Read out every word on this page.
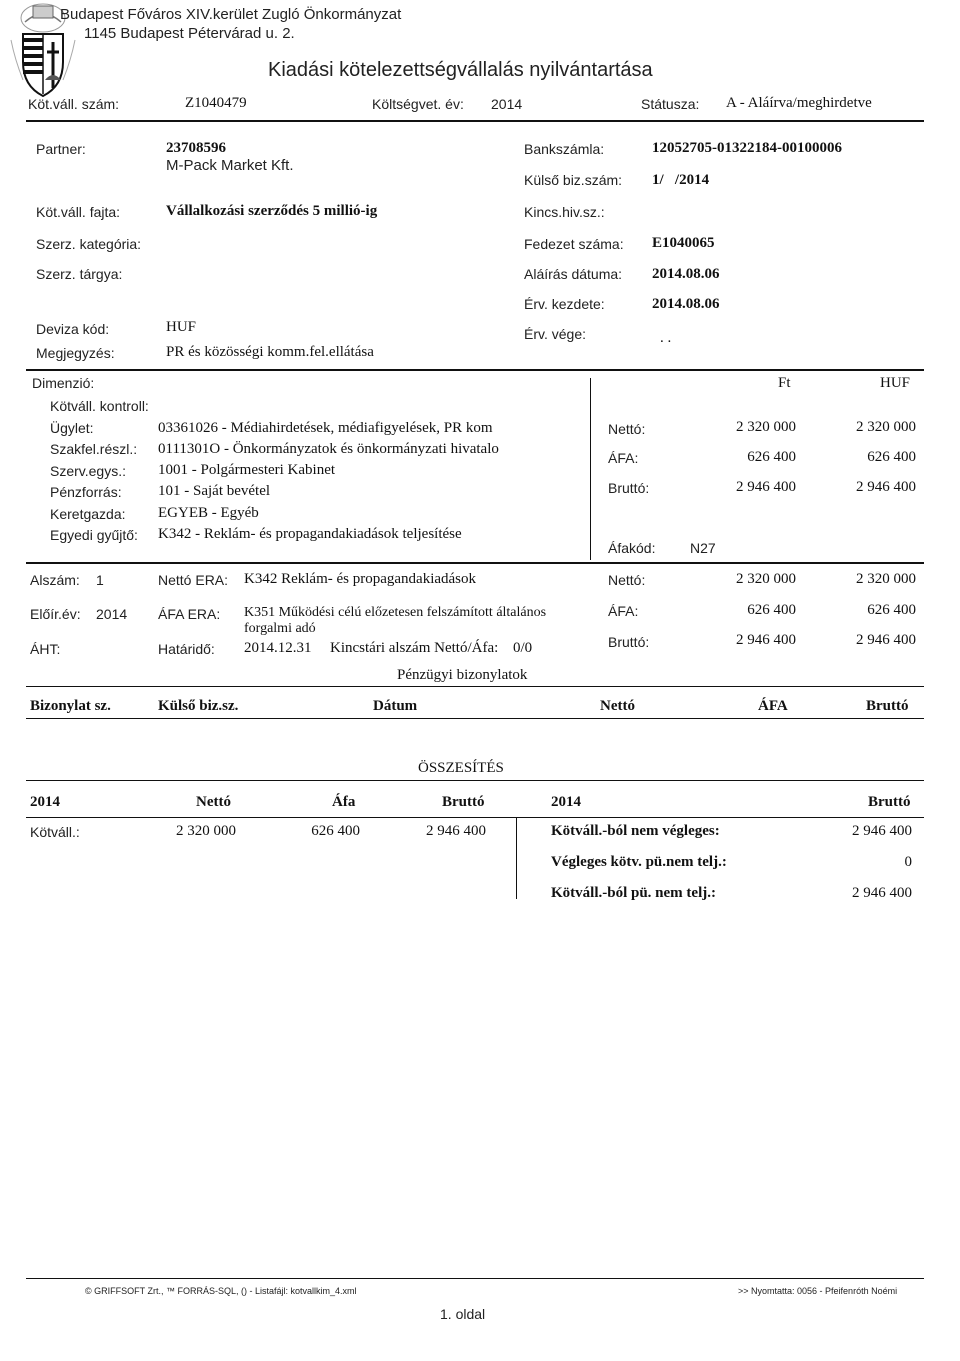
Budapest Főváros XIV.kerület Zugló Önkormányzat
1145 Budapest Pétervárad u. 2.
Kiadási kötelezettségvállalás nyilvántartása
Köt.váll. szám:	Z1040479	Költségvet. év: 2014	Státusza: A - Aláírva/meghirdetve
Partner:	23708596
M-Pack Market Kft.
Köt.váll. fajta:	Vállalkozási szerződés 5 millió-ig
Szerz. kategória:
Szerz. tárgya:
Deviza kód:	HUF
Megjegyzés:	PR és közösségi komm.fel.ellátása
Bankszámla:	12052705-01322184-00100006
Külső biz.szám: 1/   /2014
Kincs.hiv.sz.:
Fedezet száma: E1040065
Aláírás dátuma: 2014.08.06
Érv. kezdete:	2014.08.06
Érv. vége:	. .
Dimenzió:
Kötváll. kontroll:
Ügylet:	03361026 - Médiahirdetések, médiafigyelések, PR kom
Szakfel.részl.: 0111301O - Önkormányzatok és önkormányzati hivatalo
Szerv.egys.: 1001 - Polgármesteri Kabinet
Pénzforrás: 101 - Saját bevétel
Keretgazda: EGYEB - Egyéb
Egyedi gyűjtő: K342 - Reklám- és propagandakiadások teljesítése
Ft	HUF
Nettó:	2 320 000	2 320 000
ÁFA:	626 400	626 400
Bruttó:	2 946 400	2 946 400
Áfakód: N27
Alszám: 1	Nettó ERA: K342 Reklám- és propagandakiadások
Előír.év: 2014 ÁFA ERA: K351 Működési célú előzetesen felszámított általános
forgalmi adó
ÁHT:	Határidő: 2014.12.31 Kincstári alszám Nettó/Áfa: 0/0
Nettó:	2 320 000	2 320 000
ÁFA:	626 400	626 400
Bruttó:	2 946 400	2 946 400
Pénzügyi bizonylatok
Bizonylat sz.	Külső biz.sz.	Dátum	Nettó	ÁFA	Bruttó
ÖSSZESÍTÉS
2014	Nettó	Áfa	Bruttó	2014	Bruttó
Kötváll.:	2 320 000	626 400	2 946 400	Kötváll.-ból nem végleges:	2 946 400
Végleges kötv. pü.nem telj.:	0
Kötváll.-ból pü. nem telj.:	2 946 400
© GRIFFSOFT Zrt., ™ FORRÁS-SQL, () - Listafájl: kotvallkim_4.xml	>> Nyomtatta: 0056 - Pfeifenróth Noémi
1. oldal
